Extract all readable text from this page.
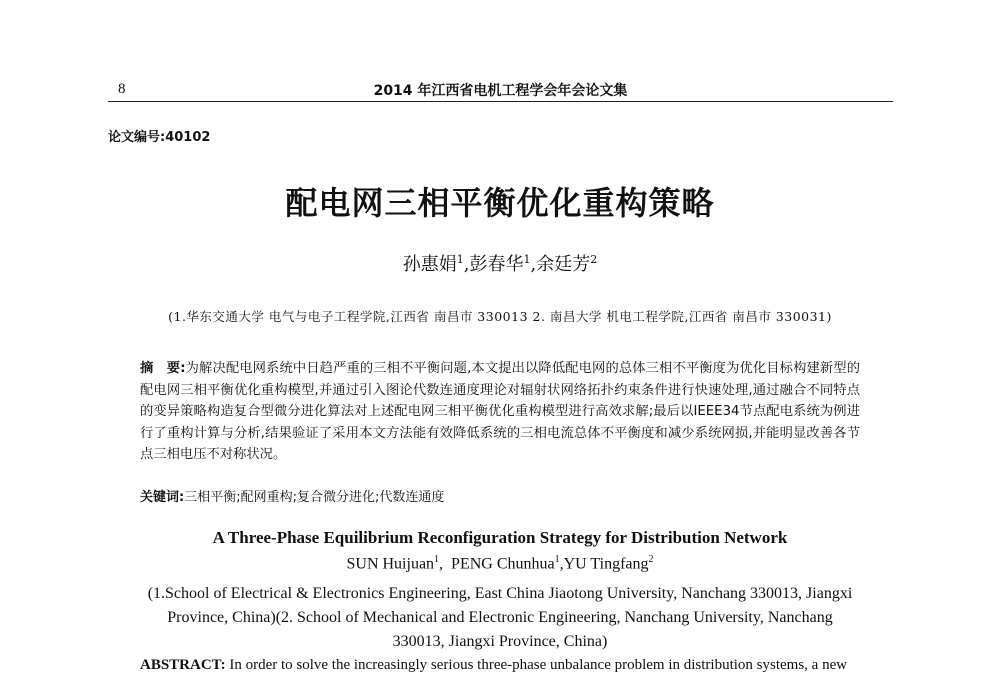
8	2014 年江西省电机工程学会年会论文集
论文编号:40102
配电网三相平衡优化重构策略
孙惠娟$^1$,彭春华$^1$,余廷芳$^2$
(1.华东交通大学 电气与电子工程学院,江西省 南昌市 330013 2. 南昌大学 机电工程学院,江西省 南昌市 330031)
摘　要:为解决配电网系统中日趋严重的三相不平衡问题,本文提出以降低配电网的总体三相不平衡度为优化目标构建新型的配电网三相平衡优化重构模型,并通过引入图论代数连通度理论对辐射状网络拓扑约束条件进行快速处理,通过融合不同特点的变异策略构造复合型微分进化算法对上述配电网三相平衡优化重构模型进行高效求解;最后以IEEE34节点配电系统为例进行了重构计算与分析,结果验证了采用本文方法能有效降低系统的三相电流总体不平衡度和减少系统网损,并能明显改善各节点三相电压不对称状况。
关键词:三相平衡;配网重构;复合微分进化;代数连通度
A Three-Phase Equilibrium Reconfiguration Strategy for Distribution Network
SUN Huijuan$^1$,  PENG Chunhua$^1$,YU Tingfang$^2$
(1.School of Electrical & Electronics Engineering, East China Jiaotong University, Nanchang 330013, Jiangxi Province, China)(2. School of Mechanical and Electronic Engineering, Nanchang University, Nanchang 330013, Jiangxi Province, China)
ABSTRACT: In order to solve the increasingly serious three-phase unbalance problem in distribution systems, a new
